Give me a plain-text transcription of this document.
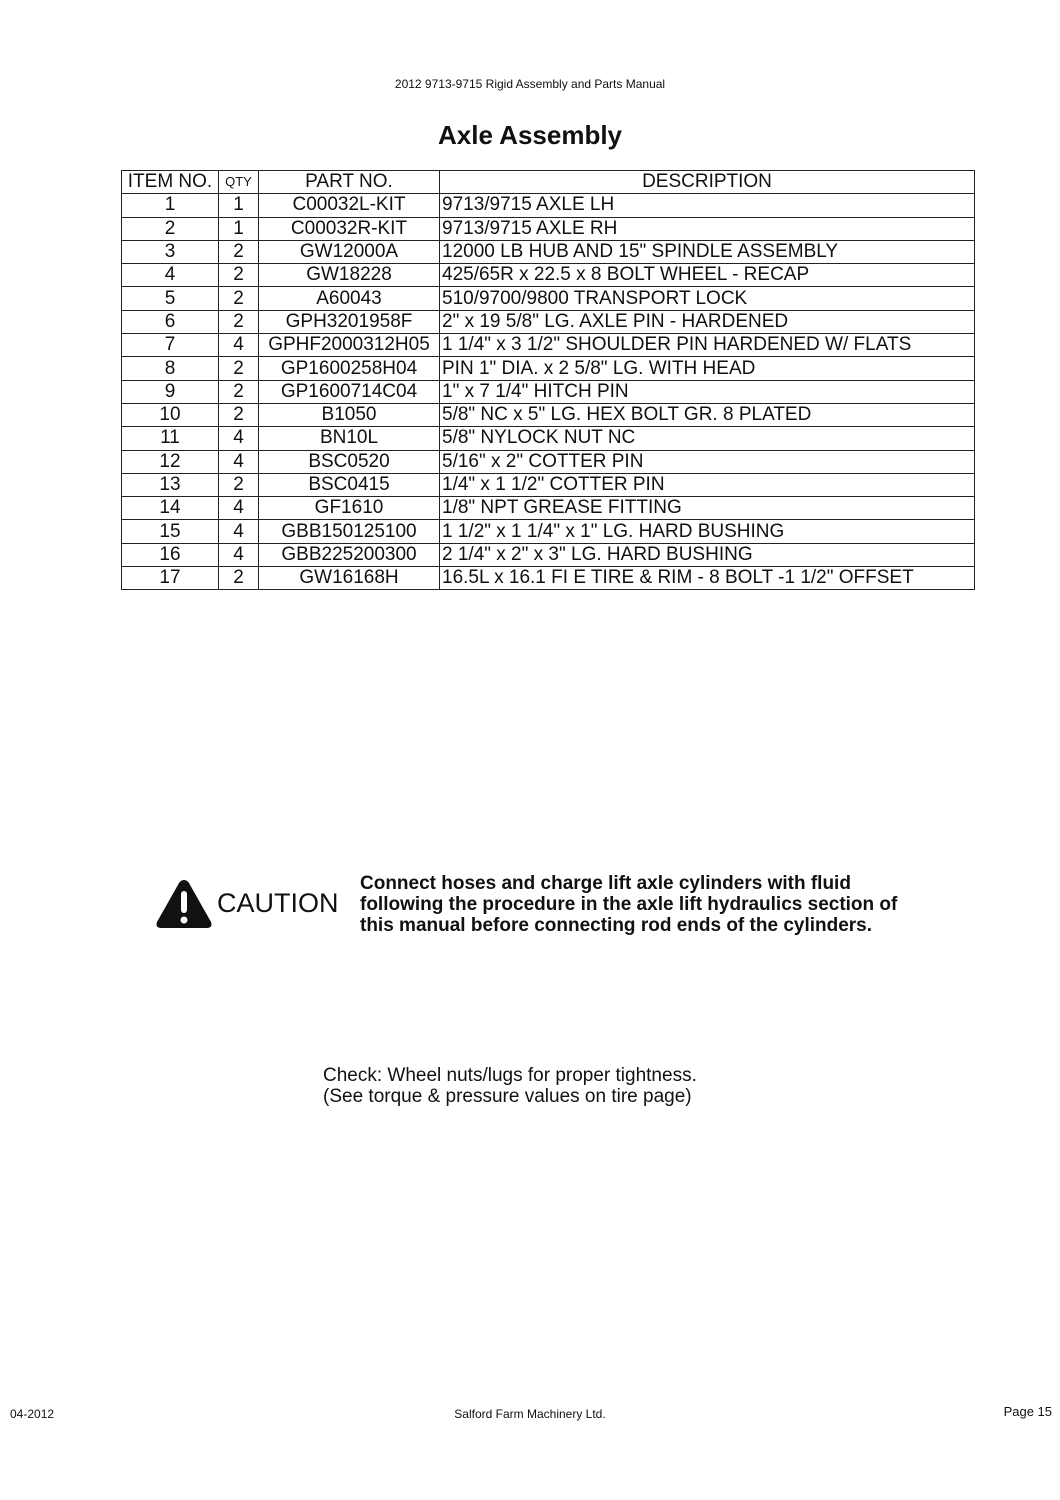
2012 9713-9715 Rigid Assembly and Parts Manual
Axle Assembly
ITEM NO.	QTY	PART NO.	DESCRIPTION
1	1	C00032L-KIT	9713/9715 AXLE LH
2	1	C00032R-KIT	9713/9715 AXLE RH
3	2	GW12000A	12000 LB HUB AND 15" SPINDLE ASSEMBLY
4	2	GW18228	425/65R x 22.5 x 8 BOLT WHEEL - RECAP
5	2	A60043	510/9700/9800 TRANSPORT LOCK
6	2	GPH3201958F	2" x 19 5/8" LG. AXLE PIN - HARDENED
7	4	GPHF2000312H05	1 1/4" x 3 1/2" SHOULDER PIN HARDENED W/ FLATS
8	2	GP1600258H04	PIN 1" DIA. x 2 5/8" LG. WITH HEAD
9	2	GP1600714C04	1" x 7 1/4" HITCH PIN
10	2	B1050	5/8" NC x 5" LG. HEX BOLT GR. 8 PLATED
11	4	BN10L	5/8" NYLOCK NUT NC
12	4	BSC0520	5/16" x 2" COTTER PIN
13	2	BSC0415	1/4" x 1 1/2" COTTER PIN
14	4	GF1610	1/8" NPT GREASE FITTING
15	4	GBB150125100	1 1/2" x 1 1/4" x 1" LG. HARD BUSHING
16	4	GBB225200300	2 1/4" x 2" x 3" LG. HARD BUSHING
17	2	GW16168H	16.5L x 16.1 FI E TIRE & RIM - 8 BOLT -1 1/2" OFFSET
CAUTION
Connect hoses and charge lift axle cylinders with fluid
following the procedure in the axle lift hydraulics section of
this manual before connecting rod ends of the cylinders.
Check: Wheel nuts/lugs for proper tightness.
(See torque & pressure values on tire page)
04-2012	Salford Farm Machinery Ltd.	Page 15
